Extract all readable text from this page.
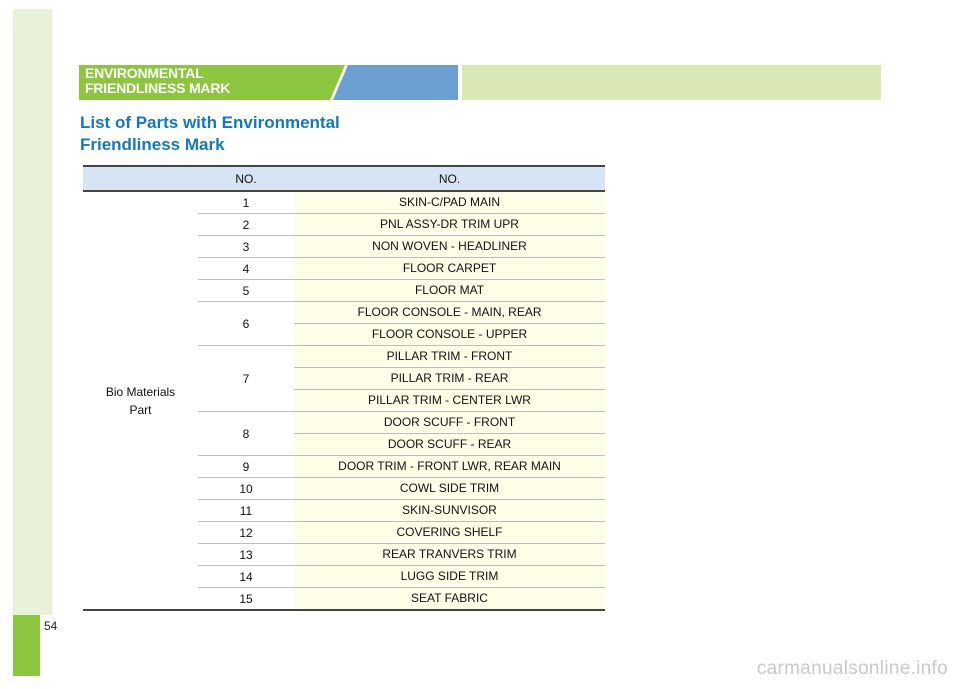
54
ENVIRONMENTAL
FRIENDLINESS MARK
List of Parts with Environmental
Friendliness Mark
	NO.	NO.

Bio Materials
Part	1	SKIN-C/PAD MAIN
	2	PNL ASSY-DR TRIM UPR
	3	NON WOVEN - HEADLINER
	4	FLOOR CARPET
	5	FLOOR MAT
	6	FLOOR CONSOLE - MAIN, REAR
		FLOOR CONSOLE - UPPER
	7	PILLAR TRIM - FRONT
		PILLAR TRIM - REAR
		PILLAR TRIM - CENTER LWR
	8	DOOR SCUFF - FRONT
		DOOR SCUFF - REAR
	9	DOOR TRIM - FRONT LWR, REAR MAIN
	10	COWL SIDE TRIM
	11	SKIN-SUNVISOR
	12	COVERING SHELF
	13	REAR TRANVERS TRIM
	14	LUGG SIDE TRIM
	15	SEAT FABRIC
carmanualsonline.info
